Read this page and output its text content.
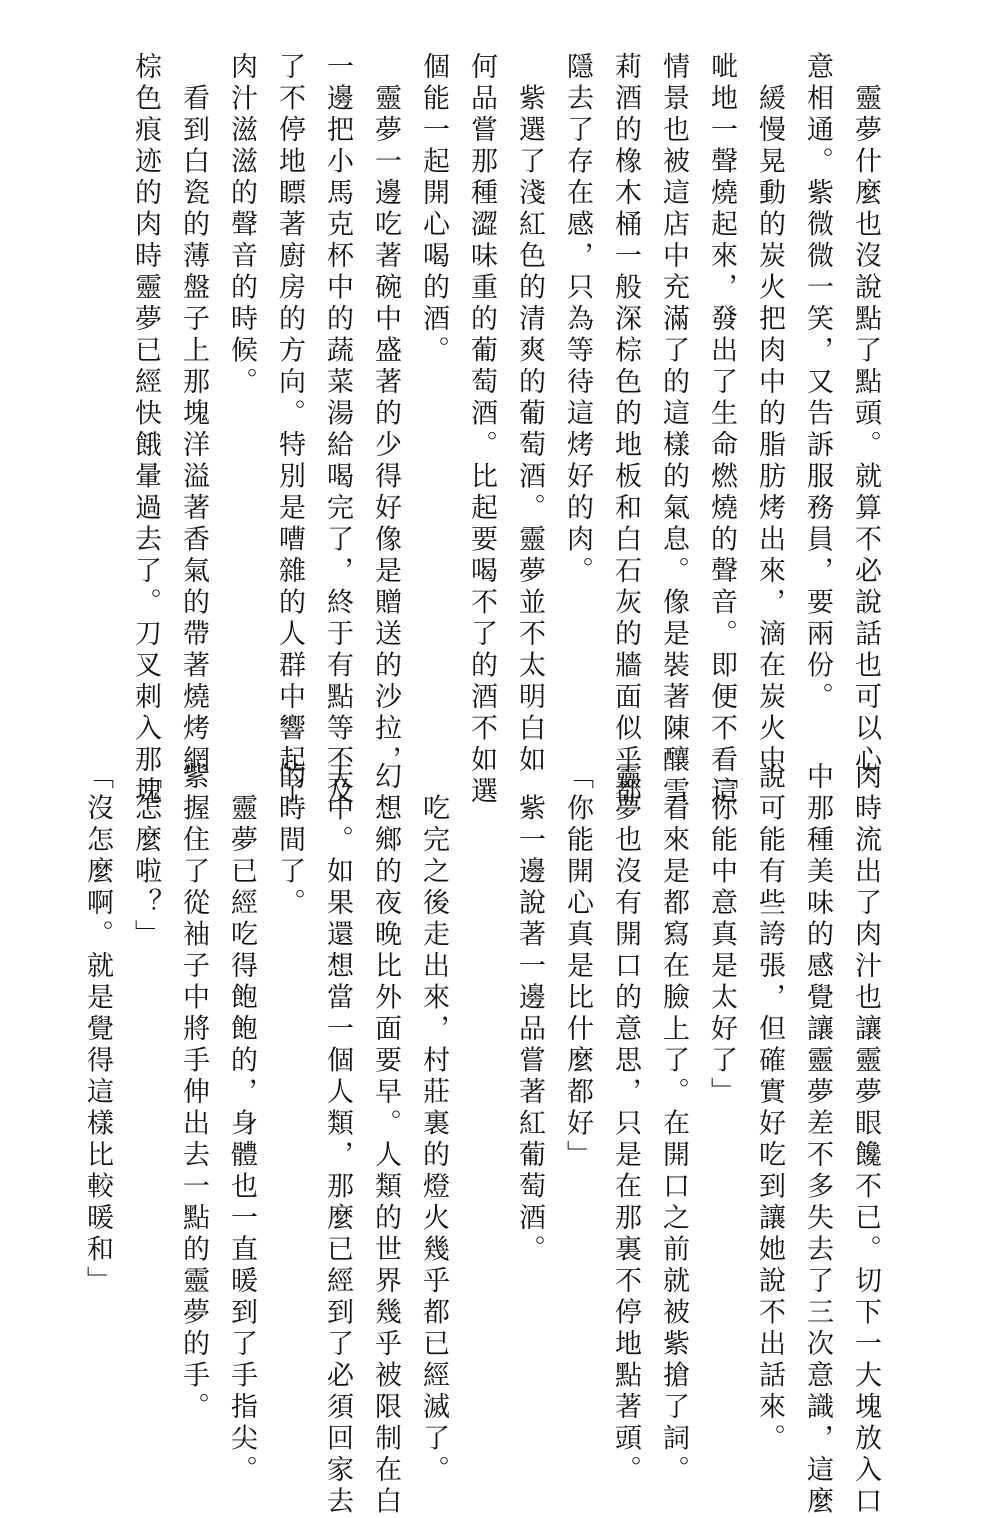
　靈夢什麼也沒說點了點頭。就算不必說話也可以心
意相通。紫微微一笑，又告訴服務員，要兩份。
　緩慢晃動的炭火把肉中的脂肪烤出來，滴在炭火中
呲地一聲燒起來，發出了生命燃燒的聲音。即便不看這
情景也被這店中充滿了的這樣的氣息。像是裝著陳釀雪
莉酒的橡木桶一般深棕色的地板和白石灰的牆面似乎都
隱去了存在感，只為等待這烤好的肉。
　紫選了淺紅色的清爽的葡萄酒。靈夢並不太明白如
何品嘗那種澀味重的葡萄酒。比起要喝不了的酒不如選
個能一起開心喝的酒。
　靈夢一邊吃著碗中盛著的少得好像是贈送的沙拉，
一邊把小馬克杯中的蔬菜湯給喝完了，終于有點等不及
了不停地瞟著廚房的方向。特別是嘈雜的人群中響起了
肉汁滋滋的聲音的時候。
　看到白瓷的薄盤子上那塊洋溢著香氣的帶著燒烤網
棕色痕迹的肉時靈夢已經快餓暈過去了。刀叉刺入那塊
肉時流出了肉汁也讓靈夢眼饞不已。切下一大塊放入口
中那種美味的感覺讓靈夢差不多失去了三次意識，這麼
說可能有些誇張，但確實好吃到讓她說不出話來。
「你能中意真是太好了」
　看來是都寫在臉上了。在開口之前就被紫搶了詞。
靈夢也沒有開口的意思，只是在那裏不停地點著頭。
「你能開心真是比什麼都好」
　紫一邊說著一邊品嘗著紅葡萄酒。

　吃完之後走出來，村莊裏的燈火幾乎都已經滅了。
幻想鄉的夜晚比外面要早。人類的世界幾乎被限制在白
天中。如果還想當一個人類，那麼已經到了必須回家去
的時間了。
　靈夢已經吃得飽飽的，身體也一直暖到了手指尖。
紫握住了從袖子中將手伸出去一點的靈夢的手。
「怎麼啦？」
「沒怎麼啊。就是覺得這樣比較暖和」
